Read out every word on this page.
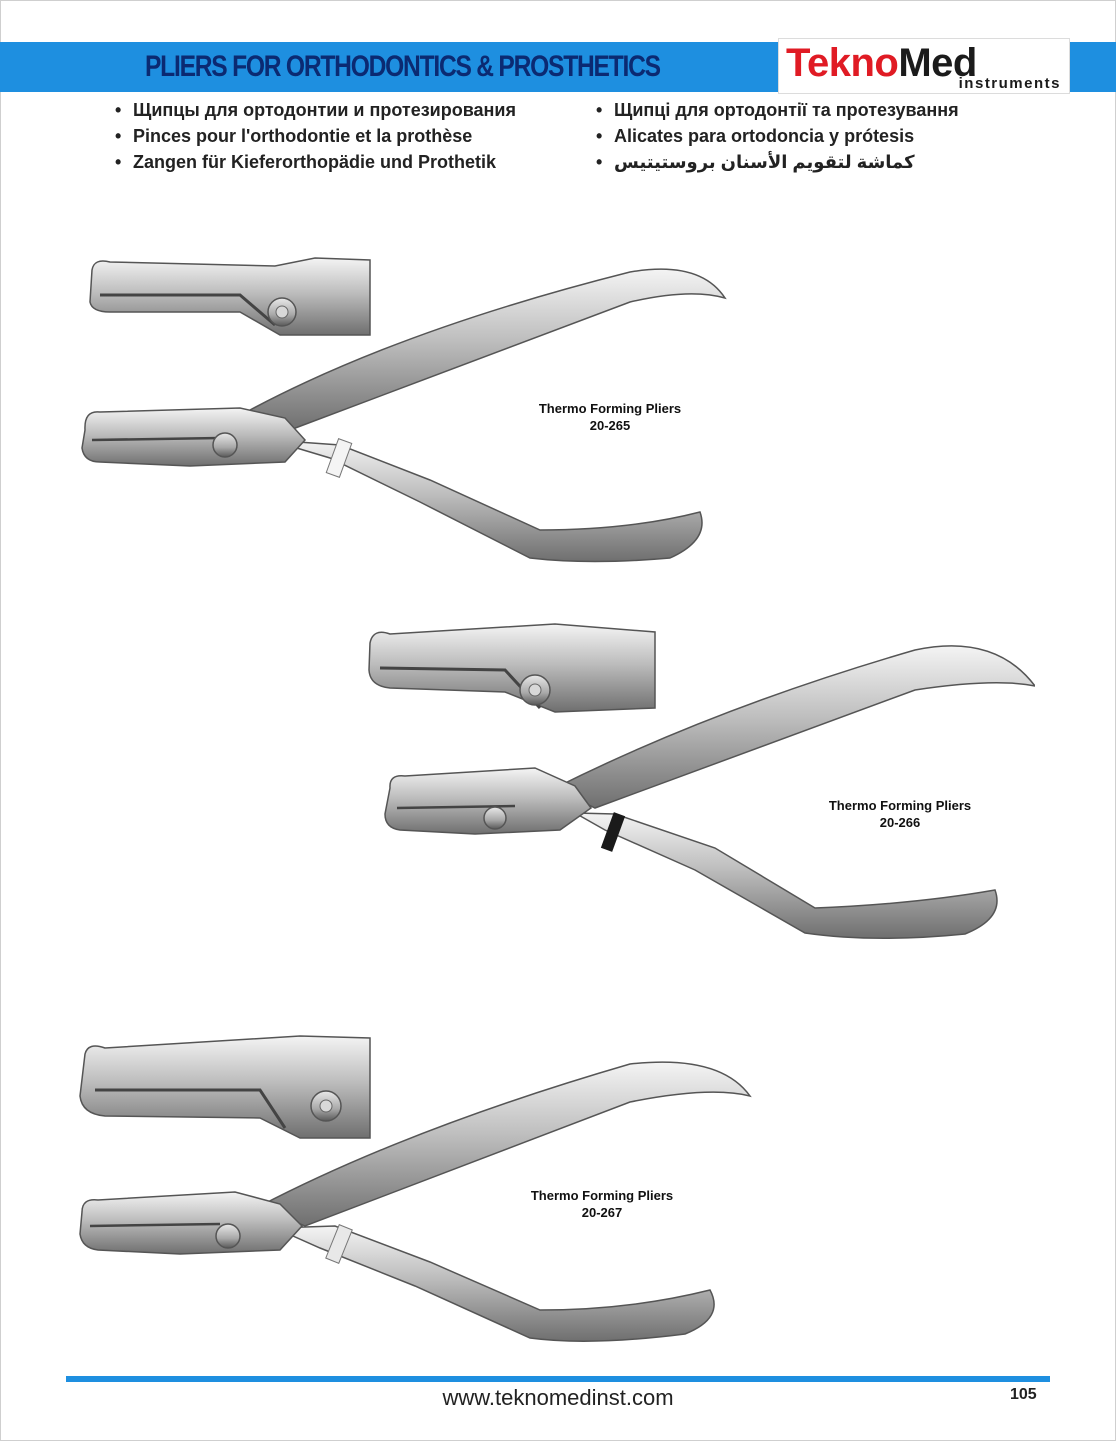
PLIERS FOR ORTHODONTICS & PROSTHETICS	TeknoMed
instruments
• Щипцы для ортодонтии и протезирования
• Pinces pour l'orthodontie et la prothèse
• Zangen für Kieferorthopädie und Prothetik
• Щипці для ортодонтії та протезування
• Alicates para ortodoncia y prótesis
• كماشة لتقويم الأسنان بروستيتيس
Thermo Forming Pliers
20-265
Thermo Forming Pliers
20-266
Thermo Forming Pliers
20-267
www.teknomedinst.com	105
